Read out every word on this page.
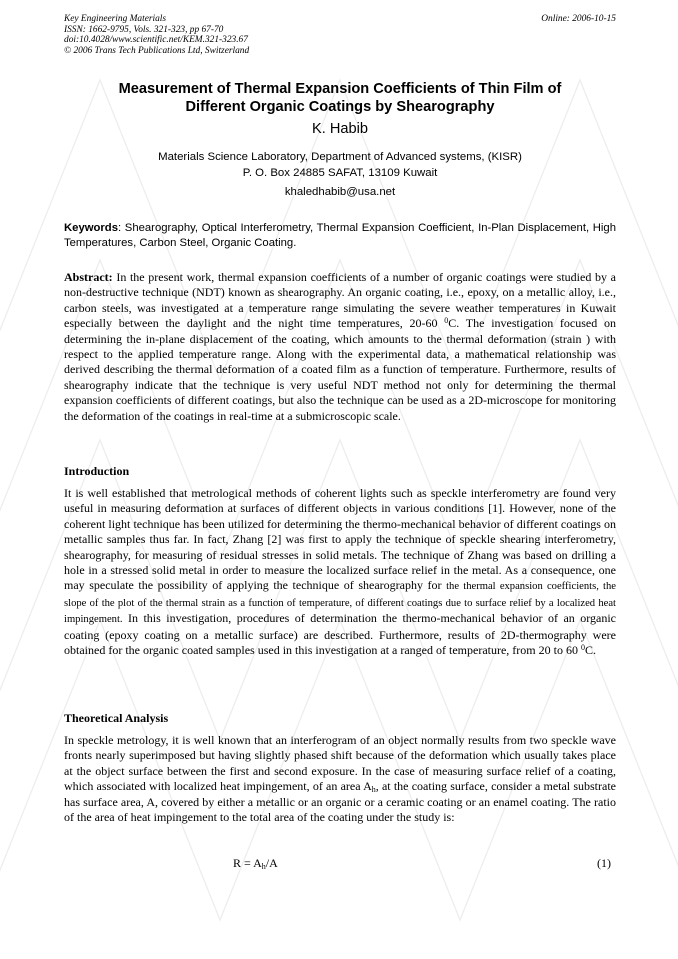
Key Engineering Materials
ISSN: 1662-9795, Vols. 321-323, pp 67-70
doi:10.4028/www.scientific.net/KEM.321-323.67
© 2006 Trans Tech Publications Ltd, Switzerland
Online: 2006-10-15
Measurement of Thermal Expansion Coefficients of Thin Film of
Different Organic Coatings by Shearography
K. Habib
Materials Science Laboratory, Department of Advanced systems, (KISR)
P. O. Box 24885 SAFAT, 13109 Kuwait
khaledhabib@usa.net
Keywords: Shearography, Optical Interferometry, Thermal Expansion Coefficient, In-Plan Displacement, High Temperatures, Carbon Steel, Organic Coating.
Abstract: In the present work, thermal expansion coefficients of a number of organic coatings were studied by a non-destructive technique (NDT) known as shearography. An organic coating, i.e., epoxy, on a metallic alloy, i.e., carbon steels, was investigated at a temperature range simulating the severe weather temperatures in Kuwait especially between the daylight and the night time temperatures, 20-60 $^0$C. The investigation focused on determining the in-plane displacement of the coating, which amounts to the thermal deformation (strain ) with respect to the applied temperature range. Along with the experimental data, a mathematical relationship was derived describing the thermal deformation of a coated film as a function of temperature. Furthermore, results of shearography indicate that the technique is very useful NDT method not only for determining the thermal expansion coefficients of different coatings, but also the technique can be used as a 2D-microscope for monitoring the deformation of the coatings in real-time at a submicroscopic scale.
Introduction
It is well established that metrological methods of coherent lights such as speckle interferometry are found very useful in measuring deformation at surfaces of different objects in various conditions [1]. However, none of the coherent light technique has been utilized for determining the thermo-mechanical behavior of different coatings on metallic samples thus far. In fact, Zhang [2] was first to apply the technique of speckle shearing interferometry, shearography, for measuring of residual stresses in solid metals. The technique of Zhang was based on drilling a hole in a stressed solid metal in order to measure the localized surface relief in the metal. As a consequence, one may speculate the possibility of applying the technique of shearography for the thermal expansion coefficients, the slope of the plot of the thermal strain as a function of temperature, of different coatings due to surface relief by a localized heat impingement. In this investigation, procedures of determination the thermo-mechanical behavior of an organic coating (epoxy coating on a metallic surface) are described. Furthermore, results of 2D-thermography were obtained for the organic coated samples used in this investigation at a ranged of temperature, from 20 to 60 $^0$C.
Theoretical Analysis
In speckle metrology, it is well known that an interferogram of an object normally results from two speckle wave fronts nearly superimposed but having slightly phased shift because of the deformation which usually takes place at the object surface between the first and second exposure. In the case of measuring surface relief of a coating, which associated with localized heat impingement, of an area $A_h$, at the coating surface, consider a metal substrate has surface area, A, covered by either a metallic or an organic or a ceramic coating or an enamel coating. The ratio of the area of heat impingement to the total area of the coating under the study is:
$R = A_h/A$	(1)
